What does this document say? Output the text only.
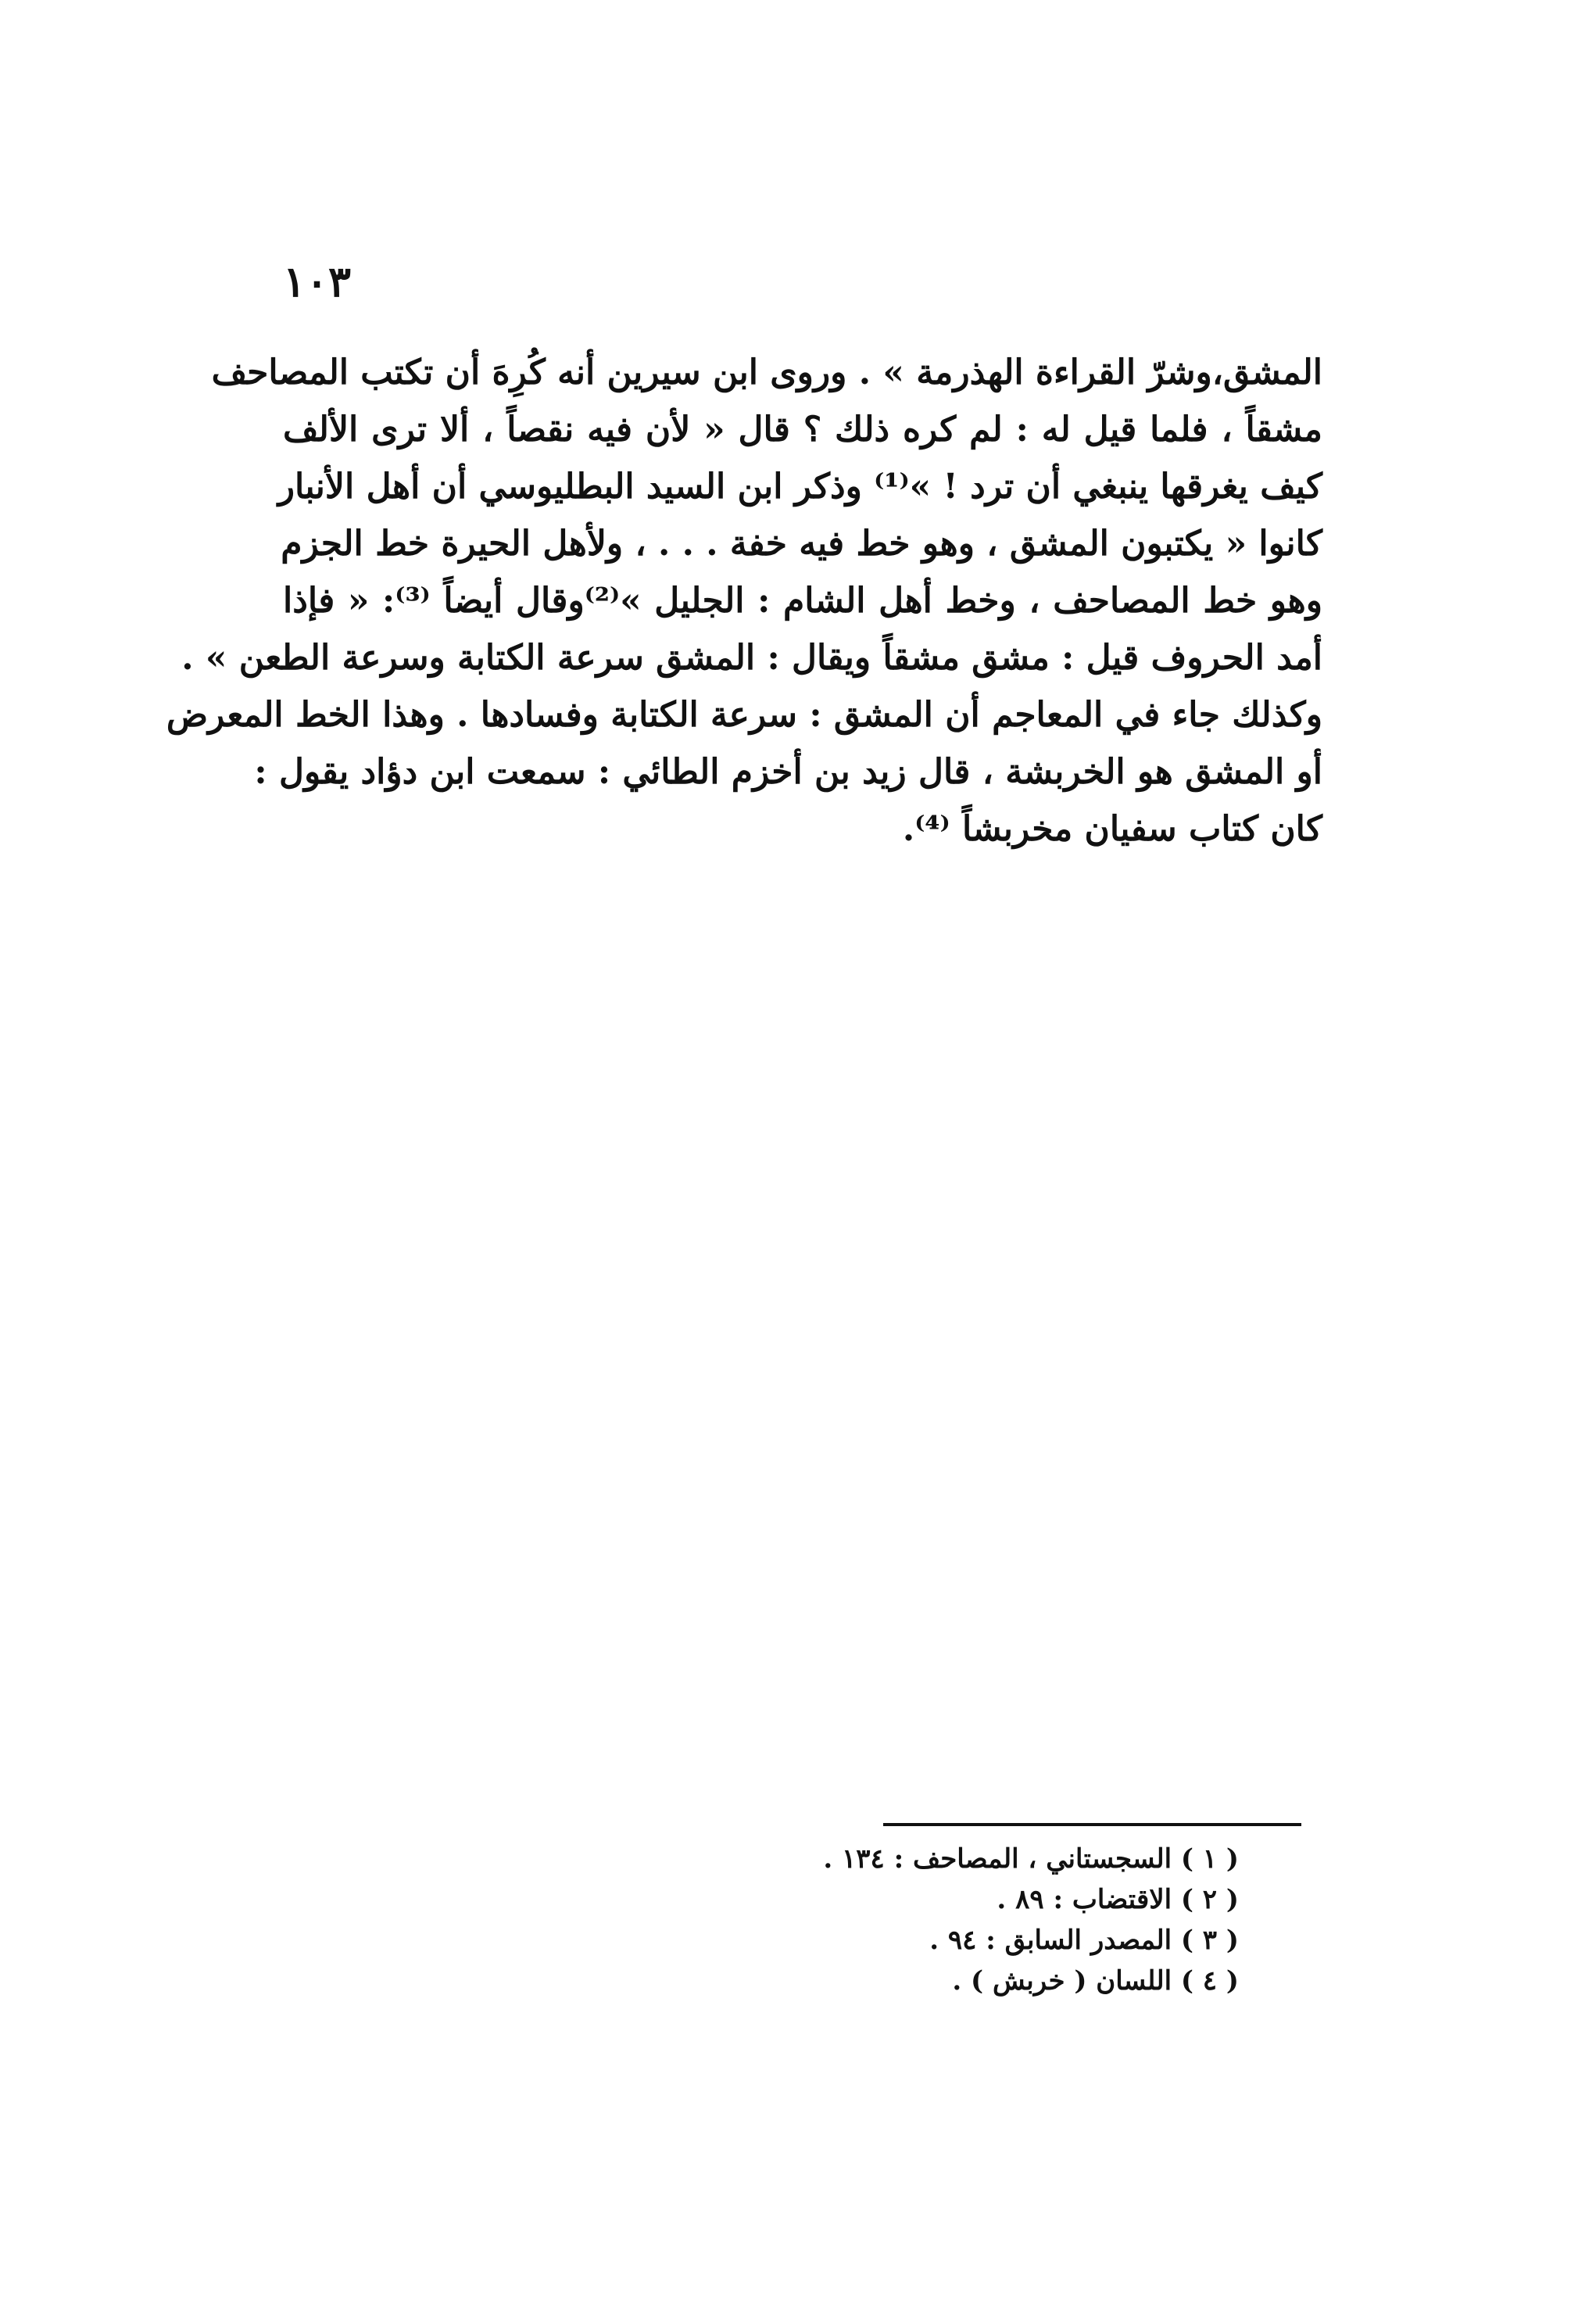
١٠٣
المشق،وشرّ القراءة الهذرمة » . وروى ابن سيرين أنه كُرِهَ أن تكتب المصاحف
مشقاً ، فلما قيل له : لم كره ذلك ؟ قال « لأن فيه نقصاً ، ألا ترى الألف
كيف يغرقها ينبغي أن ترد ! »⁽¹⁾ وذكر ابن السيد البطليوسي أن أهل الأنبار
كانوا « يكتبون المشق ، وهو خط فيه خفة . . . ، ولأهل الحيرة خط الجزم
وهو خط المصاحف ، وخط أهل الشام : الجليل »⁽²⁾وقال أيضاً ⁽³⁾: « فإذا
أمد الحروف قيل : مشق مشقاً ويقال : المشق سرعة الكتابة وسرعة الطعن » .
وكذلك جاء في المعاجم أن المشق : سرعة الكتابة وفسادها . وهذا الخط المعرض
أو المشق هو الخربشة ، قال زيد بن أخزم الطائي : سمعت ابن دؤاد يقول :
كان كتاب سفيان مخربشاً ⁽⁴⁾.
( ١ ) السجستاني ، المصاحف : ١٣٤ .
( ٢ ) الاقتضاب : ٨٩ .
( ٣ ) المصدر السابق : ٩٤ .
( ٤ ) اللسان ( خربش ) .
